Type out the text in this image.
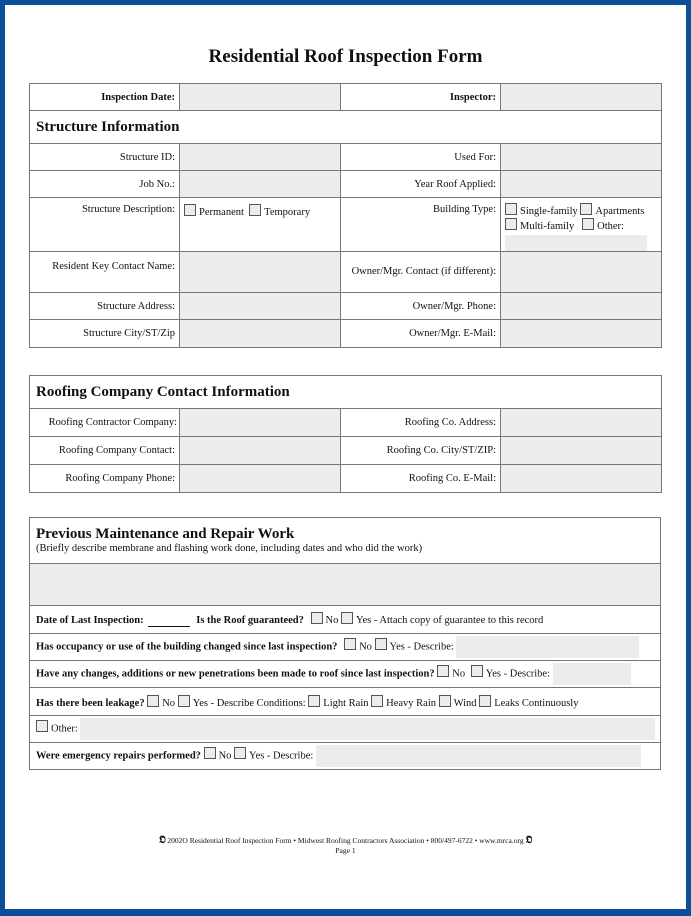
Residential Roof Inspection Form
Inspection Date:		Inspector:	
Structure Information			
Structure ID:		Used For:	
Job No.:		Year Roof Applied:	
Structure Description:	Permanent Temporary	Building Type:	Single-family Apartments
Multi-family Other:

Resident Key Contact Name:		Owner/Mgr. Contact (if different):	
Structure Address:		Owner/Mgr. Phone:	
Structure City/ST/Zip		Owner/Mgr. E-Mail:	
Roofing Company Contact Information			
Roofing Contractor Company:		Roofing Co. Address:	
Roofing Company Contact:		Roofing Co. City/ST/ZIP:	
Roofing Company Phone:		Roofing Co. E-Mail:	
Previous Maintenance and Repair Work
(Briefly describe membrane and flashing work done, including dates and who did the work)

Date of Last Inspection:	Is the Roof guaranteed? No Yes - Attach copy of guarantee to this record
Has occupancy or use of the building changed since last inspection? No Yes - Describe:
Have any changes, additions or new penetrations been made to roof since last inspection? No Yes - Describe:
Has there been leakage? No Yes - Describe Conditions: Light Rain Heavy Rain Wind Leaks Continuously
Other:
Were emergency repairs performed? No Yes - Describe:
𝕺 2002O Residential Roof Inspection Form • Midwest Roofing Contractors Association • 800/497-6722 • www.mrca.org 𝕺
Page 1
